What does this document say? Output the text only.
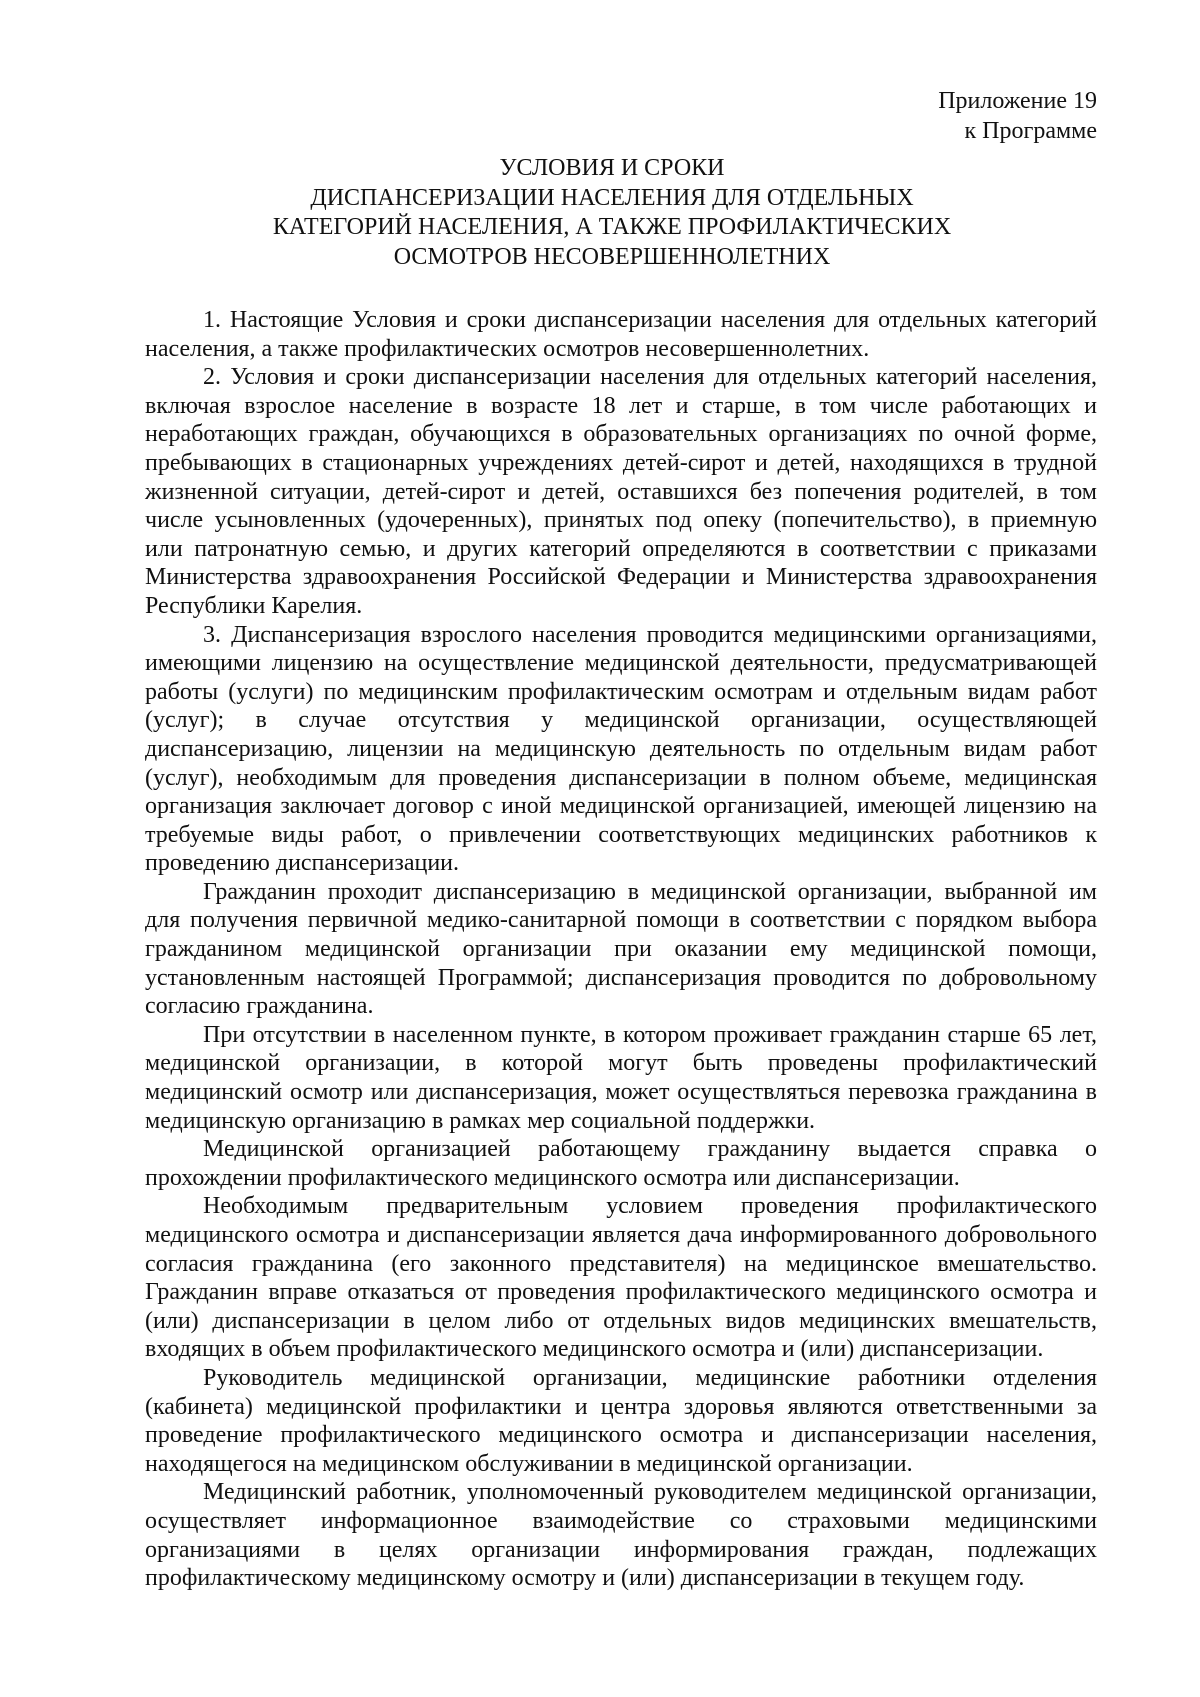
Приложение 19
к Программе
УСЛОВИЯ И СРОКИ
ДИСПАНСЕРИЗАЦИИ НАСЕЛЕНИЯ ДЛЯ ОТДЕЛЬНЫХ
КАТЕГОРИЙ НАСЕЛЕНИЯ, А ТАКЖЕ ПРОФИЛАКТИЧЕСКИХ
ОСМОТРОВ НЕСОВЕРШЕННОЛЕТНИХ

1. Настоящие Условия и сроки диспансеризации населения для отдельных категорий населения, а также профилактических осмотров несовершеннолетних.

2. Условия и сроки диспансеризации населения для отдельных категорий населения, включая взрослое население в возрасте 18 лет и старше, в том числе работающих и неработающих граждан, обучающихся в образовательных организациях по очной форме, пребывающих в стационарных учреждениях детей-сирот и детей, находящихся в трудной жизненной ситуации, детей-сирот и детей, оставшихся без попечения родителей, в том числе усыновленных (удочеренных), принятых под опеку (попечительство), в приемную или патронатную семью, и других категорий определяются в соответствии с приказами Министерства здравоохранения Российской Федерации и Министерства здравоохранения Республики Карелия.

3. Диспансеризация взрослого населения проводится медицинскими организациями, имеющими лицензию на осуществление медицинской деятельности, предусматривающей работы (услуги) по медицинским профилактическим осмотрам и отдельным видам работ (услуг); в случае отсутствия у медицинской организации, осуществляющей диспансеризацию, лицензии на медицинскую деятельность по отдельным видам работ (услуг), необходимым для проведения диспансеризации в полном объеме, медицинская организация заключает договор с иной медицинской организацией, имеющей лицензию на требуемые виды работ, о привлечении соответствующих медицинских работников к проведению диспансеризации.

Гражданин проходит диспансеризацию в медицинской организации, выбранной им для получения первичной медико-санитарной помощи в соответствии с порядком выбора гражданином медицинской организации при оказании ему медицинской помощи, установленным настоящей Программой; диспансеризация проводится по добровольному согласию гражданина.

При отсутствии в населенном пункте, в котором проживает гражданин старше 65 лет, медицинской организации, в которой могут быть проведены профилактический медицинский осмотр или диспансеризация, может осуществляться перевозка гражданина в медицинскую организацию в рамках мер социальной поддержки.

Медицинской организацией работающему гражданину выдается справка о прохождении профилактического медицинского осмотра или диспансеризации.

Необходимым предварительным условием проведения профилактического медицинского осмотра и диспансеризации является дача информированного добровольного согласия гражданина (его законного представителя) на медицинское вмешательство. Гражданин вправе отказаться от проведения профилактического медицинского осмотра и (или) диспансеризации в целом либо от отдельных видов медицинских вмешательств, входящих в объем профилактического медицинского осмотра и (или) диспансеризации.

Руководитель медицинской организации, медицинские работники отделения (кабинета) медицинской профилактики и центра здоровья являются ответственными за проведение профилактического медицинского осмотра и диспансеризации населения, находящегося на медицинском обслуживании в медицинской организации.

Медицинский работник, уполномоченный руководителем медицинской организации, осуществляет информационное взаимодействие со страховыми медицинскими организациями в целях организации информирования граждан, подлежащих профилактическому медицинскому осмотру и (или) диспансеризации в текущем году.
